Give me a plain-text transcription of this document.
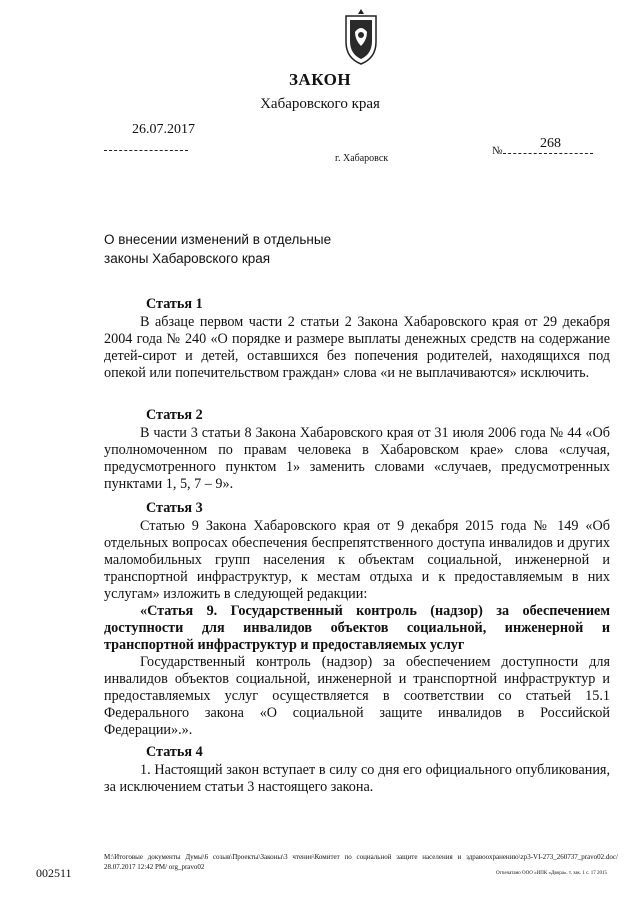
ЗАКОН
Хабаровского края
26.07.2017
№	268
г. Хабаровск
О внесении изменений в отдельные
законы Хабаровского края
Статья 1
В абзаце первом части 2 статьи 2 Закона Хабаровского края от 29 декабря 2004 года № 240 «О порядке и размере выплаты денежных средств на содержание детей-сирот и детей, оставшихся без попечения родителей, находящихся под опекой или попечительством граждан» слова «и не выплачиваются» исключить.
Статья 2
В части 3 статьи 8 Закона Хабаровского края от 31 июля 2006 года № 44 «Об уполномоченном по правам человека в Хабаровском крае» слова «случая, предусмотренного пунктом 1» заменить словами «случаев, предусмотренных пунктами 1, 5, 7 – 9».
Статья 3
Статью 9 Закона Хабаровского края от 9 декабря 2015 года № 149 «Об отдельных вопросах обеспечения беспрепятственного доступа инвалидов и других маломобильных групп населения к объектам социальной, инженерной и транспортной инфраструктур, к местам отдыха и к предоставляемым в них услугам» изложить в следующей редакции:
«Статья 9. Государственный контроль (надзор) за обеспечением доступности для инвалидов объектов социальной, инженерной и транспортной инфраструктур и предоставляемых услуг
Государственный контроль (надзор) за обеспечением доступности для инвалидов объектов социальной, инженерной и транспортной инфраструктур и предоставляемых услуг осуществляется в соответствии со статьей 15.1 Федерального закона «О социальной защите инвалидов в Российской Федерации».».
Статья 4
1. Настоящий закон вступает в силу со дня его официального опубликования, за исключением статьи 3 настоящего закона.
M:\Итоговые документы Думы\6 созыв\Проекты\Законы\3 чтение\Комитет по социальной защите населения и здравоохранению\zp3-VI-273_260737_pravo02.doc/ 28.07.2017 12:42 PM/ org_pravo02
002511	Отпечатано ООО «ИПК «Двора». т. зак. 1 с. 17 2015
